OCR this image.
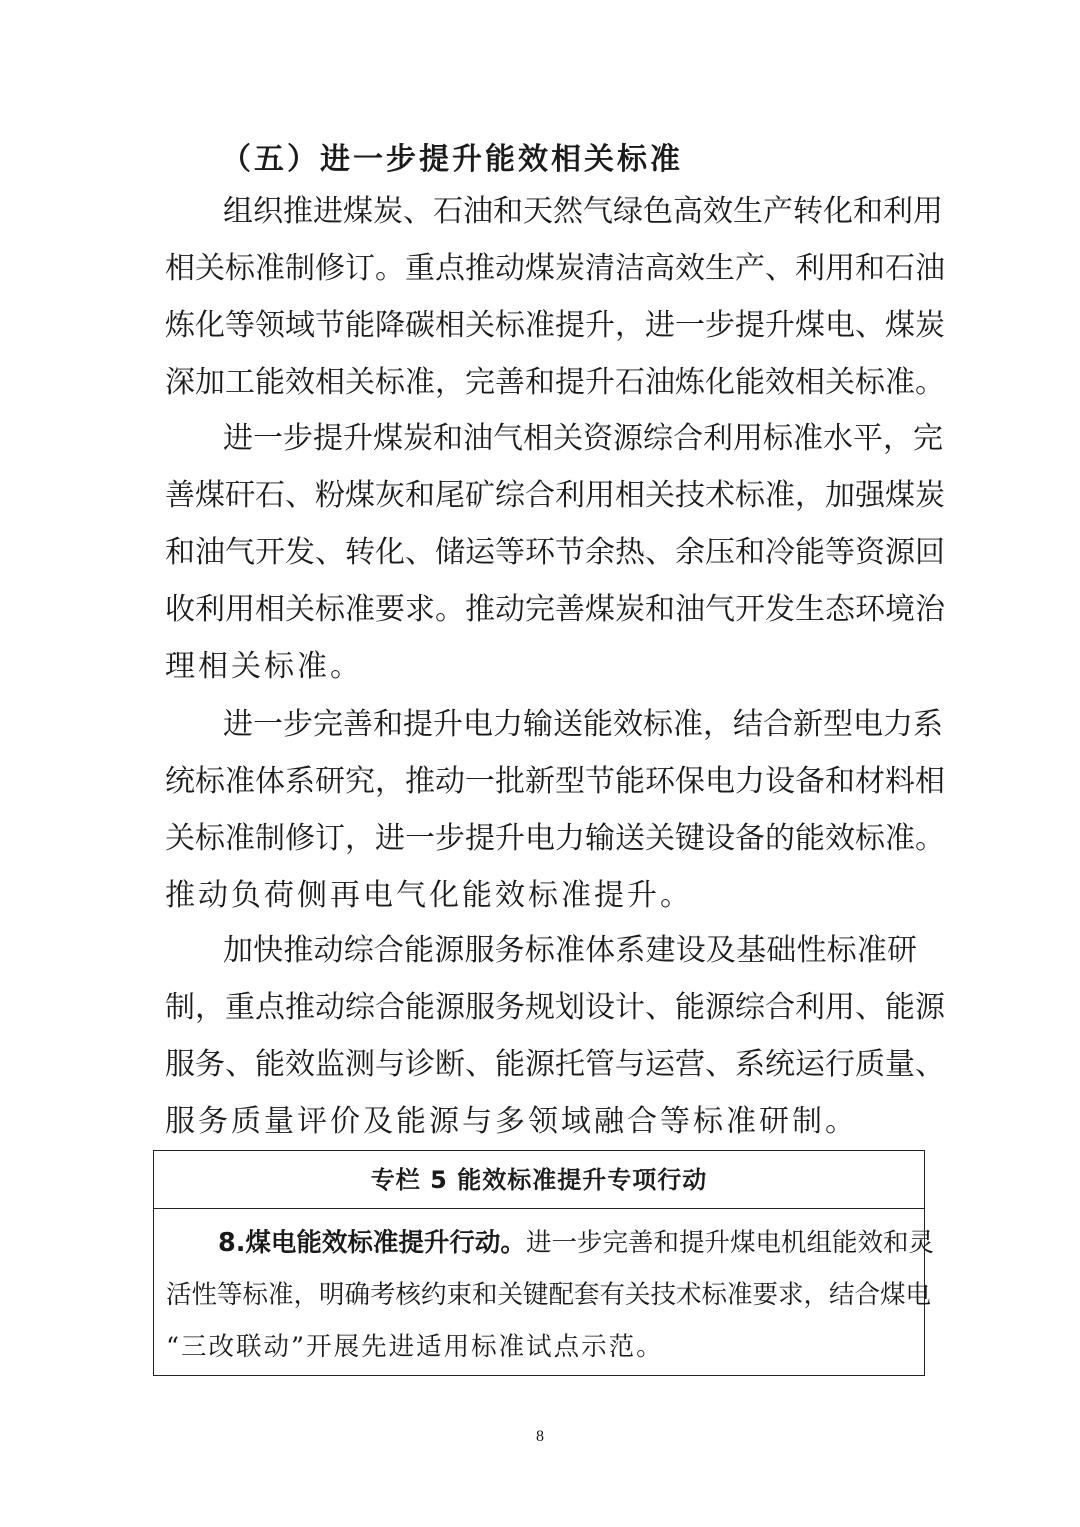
（五）进一步提升能效相关标准
组织推进煤炭、石油和天然气绿色高效生产转化和利用
相关标准制修订。重点推动煤炭清洁高效生产、利用和石油
炼化等领域节能降碳相关标准提升，进一步提升煤电、煤炭
深加工能效相关标准，完善和提升石油炼化能效相关标准。
进一步提升煤炭和油气相关资源综合利用标准水平，完
善煤矸石、粉煤灰和尾矿综合利用相关技术标准，加强煤炭
和油气开发、转化、储运等环节余热、余压和冷能等资源回
收利用相关标准要求。推动完善煤炭和油气开发生态环境治
理相关标准。
进一步完善和提升电力输送能效标准，结合新型电力系
统标准体系研究，推动一批新型节能环保电力设备和材料相
关标准制修订，进一步提升电力输送关键设备的能效标准。
推动负荷侧再电气化能效标准提升。
加快推动综合能源服务标准体系建设及基础性标准研
制，重点推动综合能源服务规划设计、能源综合利用、能源
服务、能效监测与诊断、能源托管与运营、系统运行质量、
服务质量评价及能源与多领域融合等标准研制。
专栏 5 能效标准提升专项行动
8.煤电能效标准提升行动。进一步完善和提升煤电机组能效和灵
活性等标准，明确考核约束和关键配套有关技术标准要求，结合煤电
“三改联动”开展先进适用标准试点示范。
8
